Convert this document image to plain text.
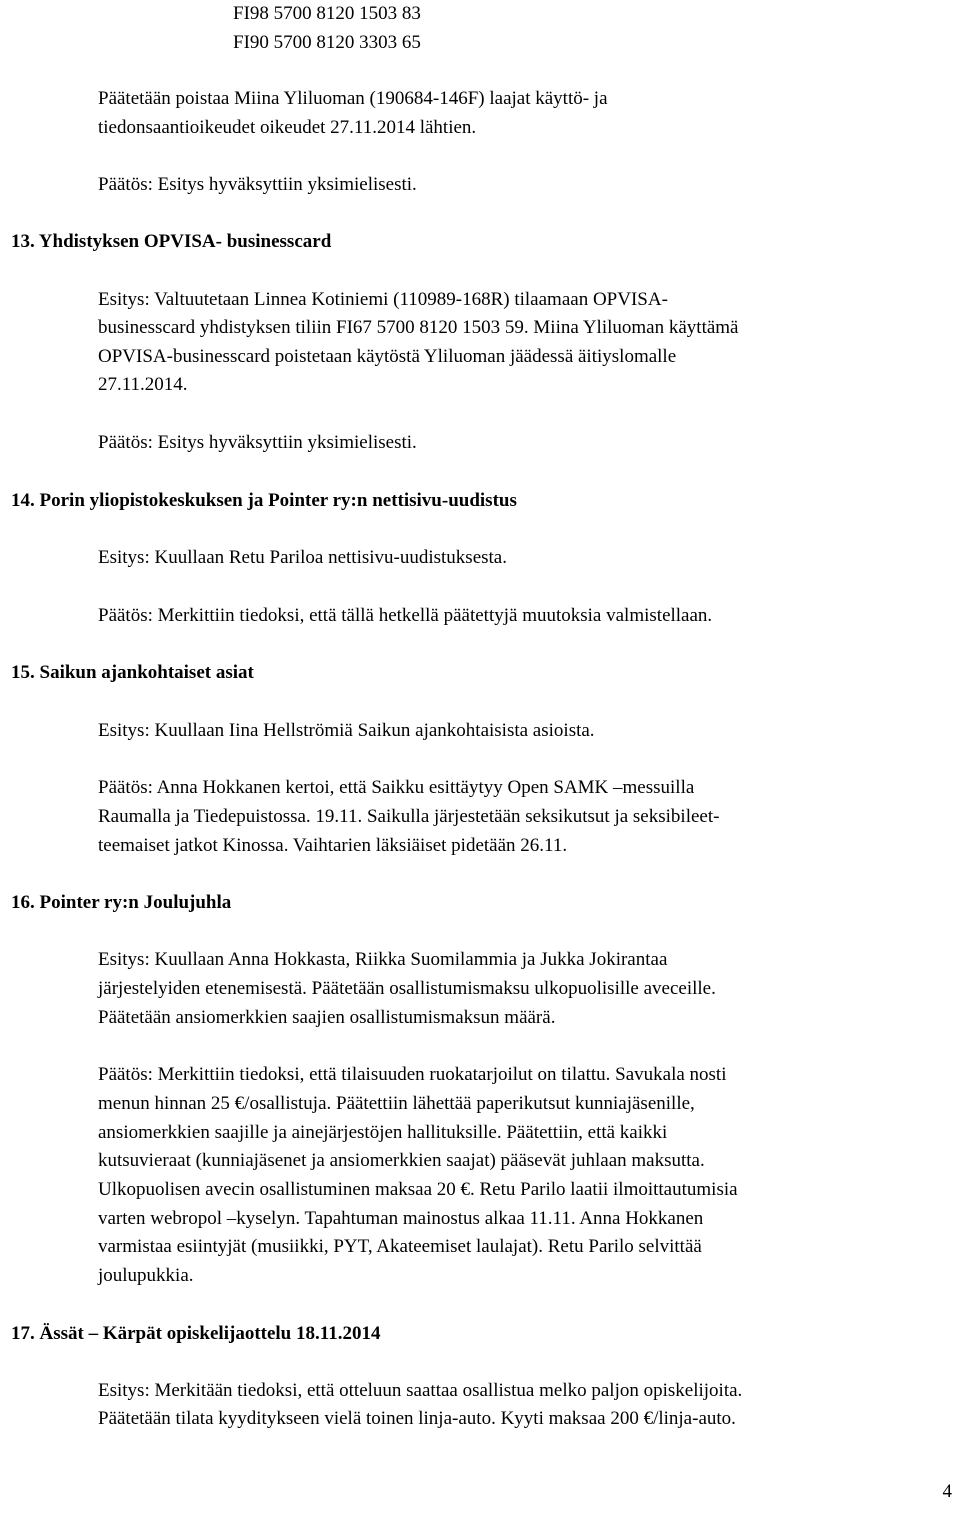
FI98 5700 8120 1503 83
FI90 5700 8120 3303 65
Päätetään poistaa Miina Yliluoman (190684-146F) laajat käyttö- ja
tiedonsaantioikeudet oikeudet 27.11.2014 lähtien.
Päätös: Esitys hyväksyttiin yksimielisesti.
13. Yhdistyksen OPVISA- businesscard
Esitys: Valtuutetaan Linnea Kotiniemi (110989-168R) tilaamaan OPVISA-
businesscard yhdistyksen tiliin FI67 5700 8120 1503 59. Miina Yliluoman käyttämä
OPVISA-businesscard poistetaan käytöstä Yliluoman jäädessä äitiyslomalle
27.11.2014.
Päätös: Esitys hyväksyttiin yksimielisesti.
14. Porin yliopistokeskuksen ja Pointer ry:n nettisivu-uudistus
Esitys: Kuullaan Retu Pariloa nettisivu-uudistuksesta.
Päätös: Merkittiin tiedoksi, että tällä hetkellä päätettyjä muutoksia valmistellaan.
15. Saikun ajankohtaiset asiat
Esitys: Kuullaan Iina Hellströmiä Saikun ajankohtaisista asioista.
Päätös: Anna Hokkanen kertoi, että Saikku esittäytyy Open SAMK –messuilla
Raumalla ja Tiedepuistossa. 19.11. Saikulla järjestetään seksikutsut ja seksibileet-
teemaiset jatkot Kinossa. Vaihtarien läksiäiset pidetään 26.11.
16. Pointer ry:n Joulujuhla
Esitys: Kuullaan Anna Hokkasta, Riikka Suomilammia ja Jukka Jokirantaa
järjestelyiden etenemisestä. Päätetään osallistumismaksu ulkopuolisille aveceille.
Päätetään ansiomerkkien saajien osallistumismaksun määrä.
Päätös: Merkittiin tiedoksi, että tilaisuuden ruokatarjoilut on tilattu. Savukala nosti
menun hinnan 25 €/osallistuja. Päätettiin lähettää paperikutsut kunniajäsenille,
ansiomerkkien saajille ja ainejärjestöjen hallituksille. Päätettiin, että kaikki
kutsuvieraat (kunniajäsenet ja ansiomerkkien saajat) pääsevät juhlaan maksutta.
Ulkopuolisen avecin osallistuminen maksaa 20 €. Retu Parilo laatii ilmoittautumisia
varten webropol –kyselyn. Tapahtuman mainostus alkaa 11.11. Anna Hokkanen
varmistaa esiintyjät (musiikki, PYT, Akateemiset laulajat). Retu Parilo selvittää
joulupukkia.
17. Ässät – Kärpät opiskelijaottelu 18.11.2014
Esitys: Merkitään tiedoksi, että otteluun saattaa osallistua melko paljon opiskelijoita.
Päätetään tilata kyyditykseen vielä toinen linja-auto. Kyyti maksaa 200 €/linja-auto.
4
